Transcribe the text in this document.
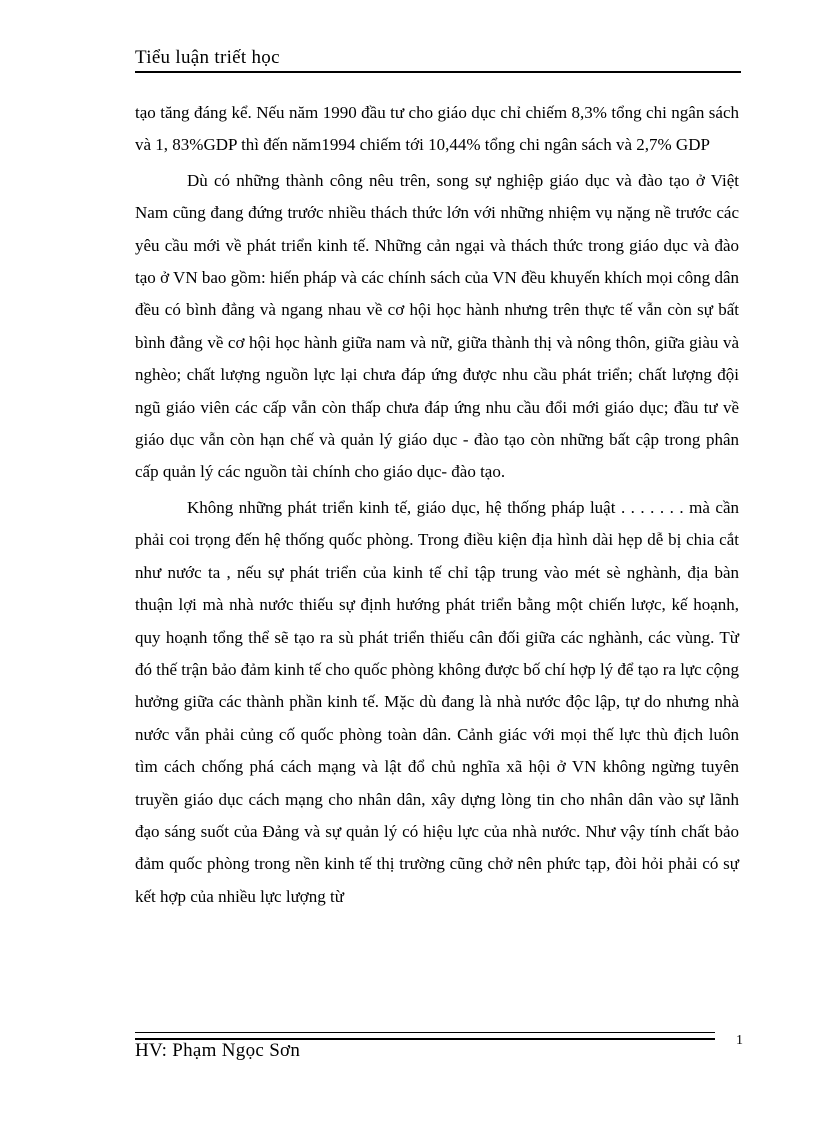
Tiểu luận triết học

tạo tăng đáng kể. Nếu năm 1990 đầu tư cho giáo dục chỉ chiếm 8,3% tổng chi ngân sách và 1, 83%GDP thì đến năm1994 chiếm tới 10,44% tổng chi ngân sách và 2,7% GDP

Dù có những thành công nêu trên, song sự nghiệp giáo dục và đào tạo ở Việt Nam cũng đang đứng trước nhiều thách thức lớn với những nhiệm vụ nặng nề trước các yêu cầu mới về phát triển kinh tế. Những cản ngại và thách thức trong giáo dục và đào tạo ở VN bao gồm: hiến pháp và các chính sách của VN đều khuyến khích mọi công dân đều có bình đẳng và ngang nhau về cơ hội học hành nhưng trên thực tế vẫn còn sự bất bình đẳng về cơ hội học hành giữa nam và nữ, giữa thành thị và nông thôn, giữa giàu và nghèo; chất lượng nguồn lực lại chưa đáp ứng được nhu cầu phát triển; chất lượng đội ngũ giáo viên các cấp vẫn còn thấp chưa đáp ứng nhu cầu đổi mới giáo dục; đầu tư về giáo dục vẫn còn hạn chế và quản lý giáo dục - đào tạo còn những bất cập trong phân cấp quản lý các nguồn tài chính cho giáo dục- đào tạo.

Không những phát triển kinh tế, giáo dục, hệ thống pháp luật . . . . . . . mà cần phải coi trọng đến hệ thống quốc phòng. Trong điều kiện địa hình dài hẹp dễ bị chia cắt như nước ta , nếu sự phát triển của kinh tế chỉ tập trung vào mét sè nghành, địa bàn thuận lợi mà nhà nước thiếu sự định hướng phát triển bằng một chiến lược, kế hoạnh, quy hoạnh tổng thể sẽ tạo ra sù phát triển thiếu cân đối giữa các nghành, các vùng. Từ đó thế trận bảo đảm kinh tế cho quốc phòng không được bố chí hợp lý để tạo ra lực cộng hưởng giữa các thành phần kinh tế. Mặc dù đang là nhà nước độc lập, tự do nhưng nhà nước vẫn phải củng cố quốc phòng toàn dân. Cảnh giác với mọi thế lực thù địch luôn tìm cách chống phá cách mạng và lật đổ chủ nghĩa xã hội ở VN không ngừng tuyên truyền giáo dục cách mạng cho nhân dân, xây dựng lòng tin cho nhân dân vào sự lãnh đạo sáng suốt của Đảng và sự quản lý có hiệu lực của nhà nước. Như vậy tính chất bảo đảm quốc phòng trong nền kinh tế thị trường cũng chở nên phức tạp, đòi hỏi phải có sự kết hợp của nhiều lực lượng từ

HV: Phạm Ngọc Sơn	1
